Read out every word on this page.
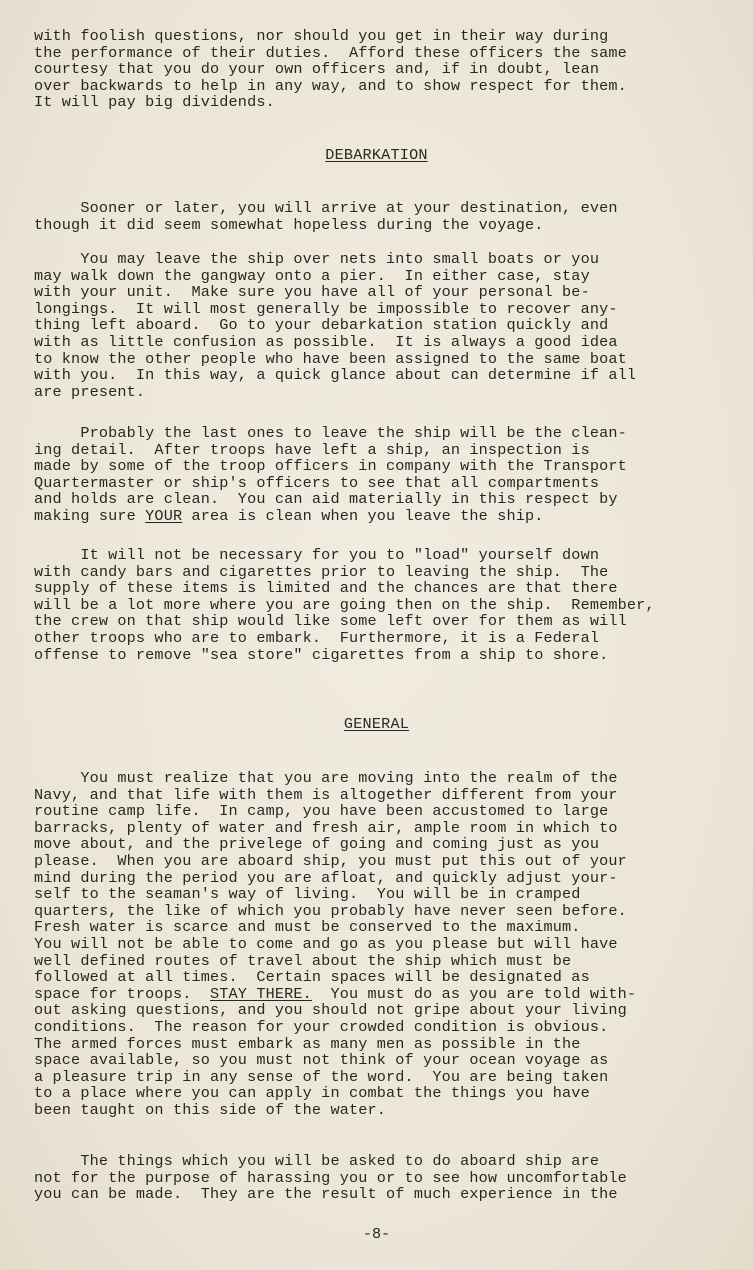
with foolish questions, nor should you get in their way during
the performance of their duties.  Afford these officers the same
courtesy that you do your own officers and, if in doubt, lean
over backwards to help in any way, and to show respect for them.
It will pay big dividends.
DEBARKATION
Sooner or later, you will arrive at your destination, even
though it did seem somewhat hopeless during the voyage.
You may leave the ship over nets into small boats or you
may walk down the gangway onto a pier.  In either case, stay
with your unit.  Make sure you have all of your personal be-
longings.  It will most generally be impossible to recover any-
thing left aboard.  Go to your debarkation station quickly and
with as little confusion as possible.  It is always a good idea
to know the other people who have been assigned to the same boat
with you.  In this way, a quick glance about can determine if all
are present.
Probably the last ones to leave the ship will be the clean-
ing detail.  After troops have left a ship, an inspection is
made by some of the troop officers in company with the Transport
Quartermaster or ship's officers to see that all compartments
and holds are clean.  You can aid materially in this respect by
making sure YOUR area is clean when you leave the ship.
It will not be necessary for you to "load" yourself down
with candy bars and cigarettes prior to leaving the ship.  The
supply of these items is limited and the chances are that there
will be a lot more where you are going then on the ship.  Remember,
the crew on that ship would like some left over for them as will
other troops who are to embark.  Furthermore, it is a Federal
offense to remove "sea store" cigarettes from a ship to shore.
GENERAL
You must realize that you are moving into the realm of the
Navy, and that life with them is altogether different from your
routine camp life.  In camp, you have been accustomed to large
barracks, plenty of water and fresh air, ample room in which to
move about, and the privelege of going and coming just as you
please.  When you are aboard ship, you must put this out of your
mind during the period you are afloat, and quickly adjust your-
self to the seaman's way of living.  You will be in cramped
quarters, the like of which you probably have never seen before.
Fresh water is scarce and must be conserved to the maximum.
You will not be able to come and go as you please but will have
well defined routes of travel about the ship which must be
followed at all times.  Certain spaces will be designated as
space for troops.  STAY THERE.  You must do as you are told with-
out asking questions, and you should not gripe about your living
conditions.  The reason for your crowded condition is obvious.
The armed forces must embark as many men as possible in the
space available, so you must not think of your ocean voyage as
a pleasure trip in any sense of the word.  You are being taken
to a place where you can apply in combat the things you have
been taught on this side of the water.
The things which you will be asked to do aboard ship are
not for the purpose of harassing you or to see how uncomfortable
you can be made.  They are the result of much experience in the
-8-
